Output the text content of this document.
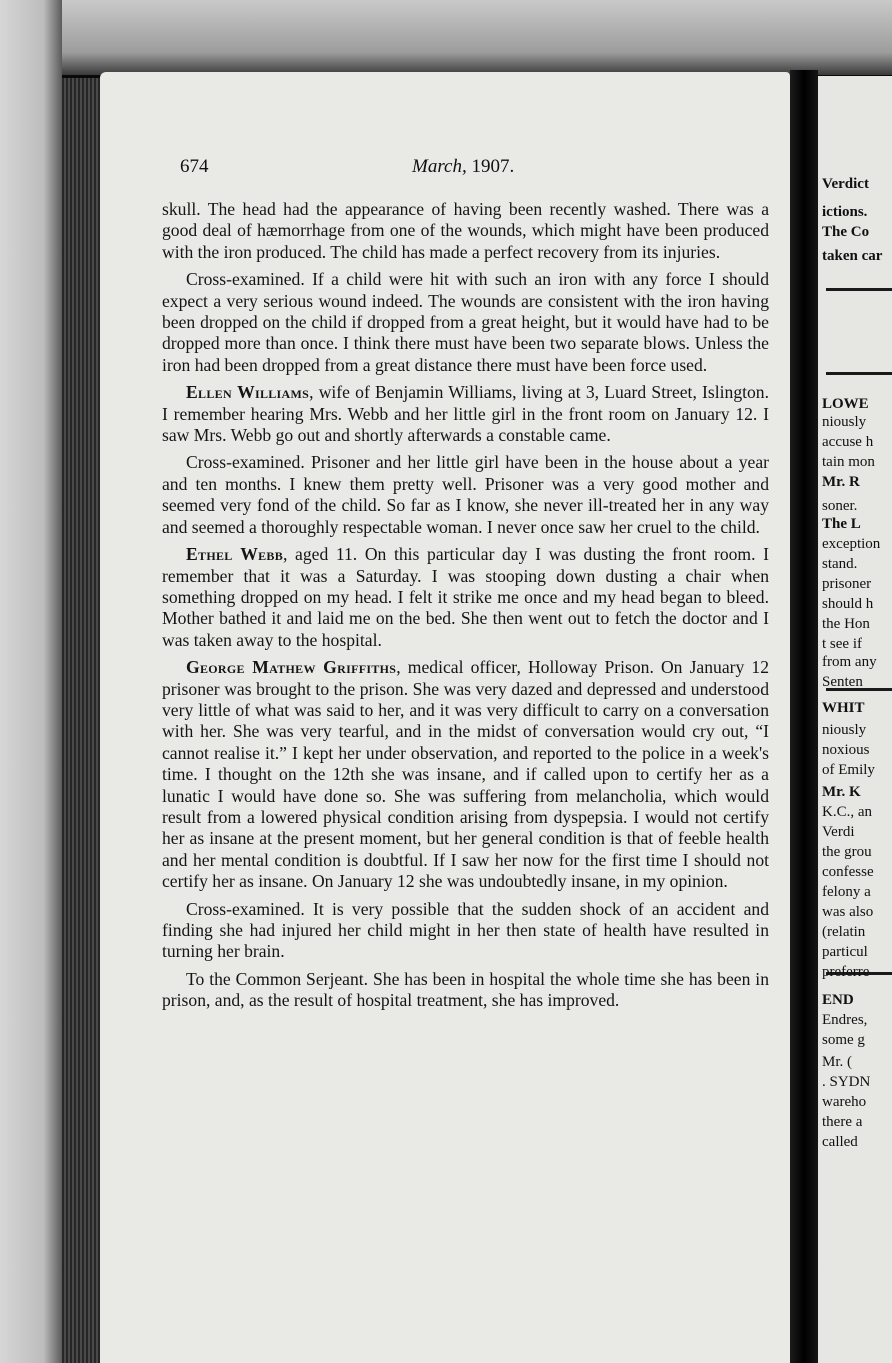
Verdict
ictions.
The Co
taken car
LOWE
niously
accuse h
tain mon
Mr. R
soner.
The L
exception
stand.
prisoner
should h
the Hon
t see if
from any
Senten
WHIT
niously
noxious
of Emily
Mr. K
K.C., an
Verdi
the grou
confesse
felony a
was also
(relatin
particul
preferre
END
Endres,
some g
Mr. (
. SYDN
wareho
there a
called
674	March, 1907.

skull. The head had the appearance of having been recently washed. There was a good deal of hæmorrhage from one of the wounds, which might have been produced with the iron produced. The child has made a perfect recovery from its injuries.

Cross-examined. If a child were hit with such an iron with any force I should expect a very serious wound indeed. The wounds are consistent with the iron having been dropped on the child if dropped from a great height, but it would have had to be dropped more than once. I think there must have been two separate blows. Unless the iron had been dropped from a great distance there must have been force used.

Ellen Williams, wife of Benjamin Williams, living at 3, Luard Street, Islington. I remember hearing Mrs. Webb and her little girl in the front room on January 12. I saw Mrs. Webb go out and shortly afterwards a constable came.

Cross-examined. Prisoner and her little girl have been in the house about a year and ten months. I knew them pretty well. Prisoner was a very good mother and seemed very fond of the child. So far as I know, she never ill-treated her in any way and seemed a thoroughly respectable woman. I never once saw her cruel to the child.

Ethel Webb, aged 11. On this particular day I was dusting the front room. I remember that it was a Saturday. I was stooping down dusting a chair when something dropped on my head. I felt it strike me once and my head began to bleed. Mother bathed it and laid me on the bed. She then went out to fetch the doctor and I was taken away to the hospital.

George Mathew Griffiths, medical officer, Holloway Prison. On January 12 prisoner was brought to the prison. She was very dazed and depressed and understood very little of what was said to her, and it was very difficult to carry on a conversation with her. She was very tearful, and in the midst of conversation would cry out, “I cannot realise it.” I kept her under observation, and reported to the police in a week's time. I thought on the 12th she was insane, and if called upon to certify her as a lunatic I would have done so. She was suffering from melancholia, which would result from a lowered physical condition arising from dyspepsia. I would not certify her as insane at the present moment, but her general condition is that of feeble health and her mental condition is doubtful. If I saw her now for the first time I should not certify her as insane. On January 12 she was undoubtedly insane, in my opinion.

Cross-examined. It is very possible that the sudden shock of an accident and finding she had injured her child might in her then state of health have resulted in turning her brain.

To the Common Serjeant. She has been in hospital the whole time she has been in prison, and, as the result of hospital treatment, she has improved.
